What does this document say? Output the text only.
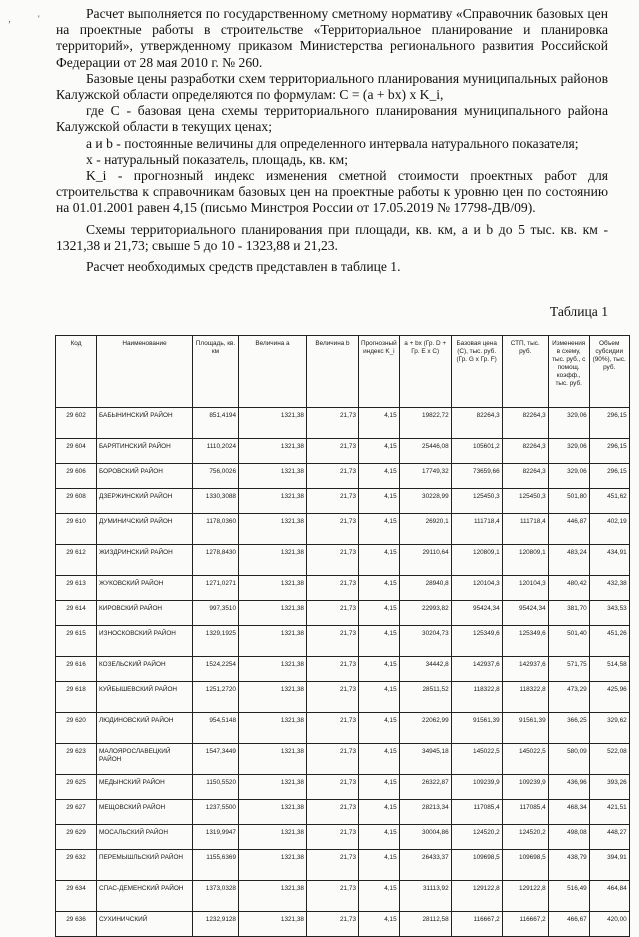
‚	'	Расчет выполняется по государственному сметному нормативу «Справочник базовых цен на проектные работы в строительстве «Территориальное планирование и планировка территорий», утвержденному приказом Министерства регионального развития Российской Федерации от 28 мая 2010 г. № 260.

Базовые цены разработки схем территориального планирования муниципальных районов Калужской области определяются по формулам: С = (a + bx) x K_i,

где С - базовая цена схемы территориального планирования муниципального района Калужской области в текущих ценах;

a и b - постоянные величины для определенного интервала натурального показателя;

х - натуральный показатель, площадь, кв. км;

K_i - прогнозный индекс изменения сметной стоимости проектных работ для строительства к справочникам базовых цен на проектные работы к уровню цен по состоянию на 01.01.2001 равен 4,15 (письмо Минстроя России от 17.05.2019 № 17798-ДВ/09).

Схемы территориального планирования при площади, кв. км, a и b до 5 тыс. кв. км - 1321,38 и 21,73; свыше 5 до 10 - 1323,88 и 21,23.

Расчет необходимых средств представлен в таблице 1.

Таблица 1
Код	Наименование	Площадь, кв. км	Величина a	Величина b	Прогнозный индекс K_i	a + bx (Гр. D + Гр. E x C)	Базовая цена (С), тыс. руб. (Гр. G x Гр. F)	СТП, тыс. руб.	Изменения в схему, тыс. руб., с помощ. коэфф., тыс. руб.	Объем субсидии (90%), тыс. руб.
29 602	БАБЫНИНСКИЙ РАЙОН	851,4194	1321,38	21,73	4,15	19822,72	82264,3	82264,3	329,06	296,15
29 604	БАРЯТИНСКИЙ РАЙОН	1110,2024	1321,38	21,73	4,15	25446,08	105601,2	82264,3	329,06	296,15
29 606	БОРОВСКИЙ РАЙОН	756,0026	1321,38	21,73	4,15	17749,32	73659,66	82264,3	329,06	296,15
29 608	ДЗЕРЖИНСКИЙ РАЙОН	1330,3088	1321,38	21,73	4,15	30228,99	125450,3	125450,3	501,80	451,62
29 610	ДУМИНИЧСКИЙ РАЙОН	1178,0360	1321,38	21,73	4,15	26920,1	111718,4	111718,4	446,87	402,19
29 612	ЖИЗДРИНСКИЙ РАЙОН	1278,8430	1321,38	21,73	4,15	29110,64	120809,1	120809,1	483,24	434,91
29 613	ЖУКОВСКИЙ РАЙОН	1271,0271	1321,38	21,73	4,15	28940,8	120104,3	120104,3	480,42	432,38
29 614	КИРОВСКИЙ РАЙОН	997,3510	1321,38	21,73	4,15	22993,82	95424,34	95424,34	381,70	343,53
29 615	ИЗНОСКОВСКИЙ РАЙОН	1329,1925	1321,38	21,73	4,15	30204,73	125349,6	125349,6	501,40	451,26
29 616	КОЗЕЛЬСКИЙ РАЙОН	1524,2254	1321,38	21,73	4,15	34442,8	142937,6	142937,6	571,75	514,58
29 618	КУЙБЫШЕВСКИЙ РАЙОН	1251,2720	1321,38	21,73	4,15	28511,52	118322,8	118322,8	473,29	425,96
29 620	ЛЮДИНОВСКИЙ РАЙОН	954,5148	1321,38	21,73	4,15	22062,99	91561,39	91561,39	366,25	329,62
29 623	МАЛОЯРОСЛАВЕЦКИЙ РАЙОН	1547,3449	1321,38	21,73	4,15	34945,18	145022,5	145022,5	580,09	522,08
29 625	МЕДЫНСКИЙ РАЙОН	1150,5520	1321,38	21,73	4,15	26322,87	109239,9	109239,9	436,96	393,26
29 627	МЕЩОВСКИЙ РАЙОН	1237,5500	1321,38	21,73	4,15	28213,34	117085,4	117085,4	468,34	421,51
29 629	МОСАЛЬСКИЙ РАЙОН	1319,9947	1321,38	21,73	4,15	30004,86	124520,2	124520,2	498,08	448,27
29 632	ПЕРЕМЫШЛЬСКИЙ РАЙОН	1155,6369	1321,38	21,73	4,15	26433,37	109698,5	109698,5	438,79	394,91
29 634	СПАС-ДЕМЕНСКИЙ РАЙОН	1373,0328	1321,38	21,73	4,15	31113,92	129122,8	129122,8	516,49	464,84
29 636	СУХИНИЧСКИЙ	1232,9128	1321,38	21,73	4,15	28112,58	116667,2	116667,2	466,67	420,00
